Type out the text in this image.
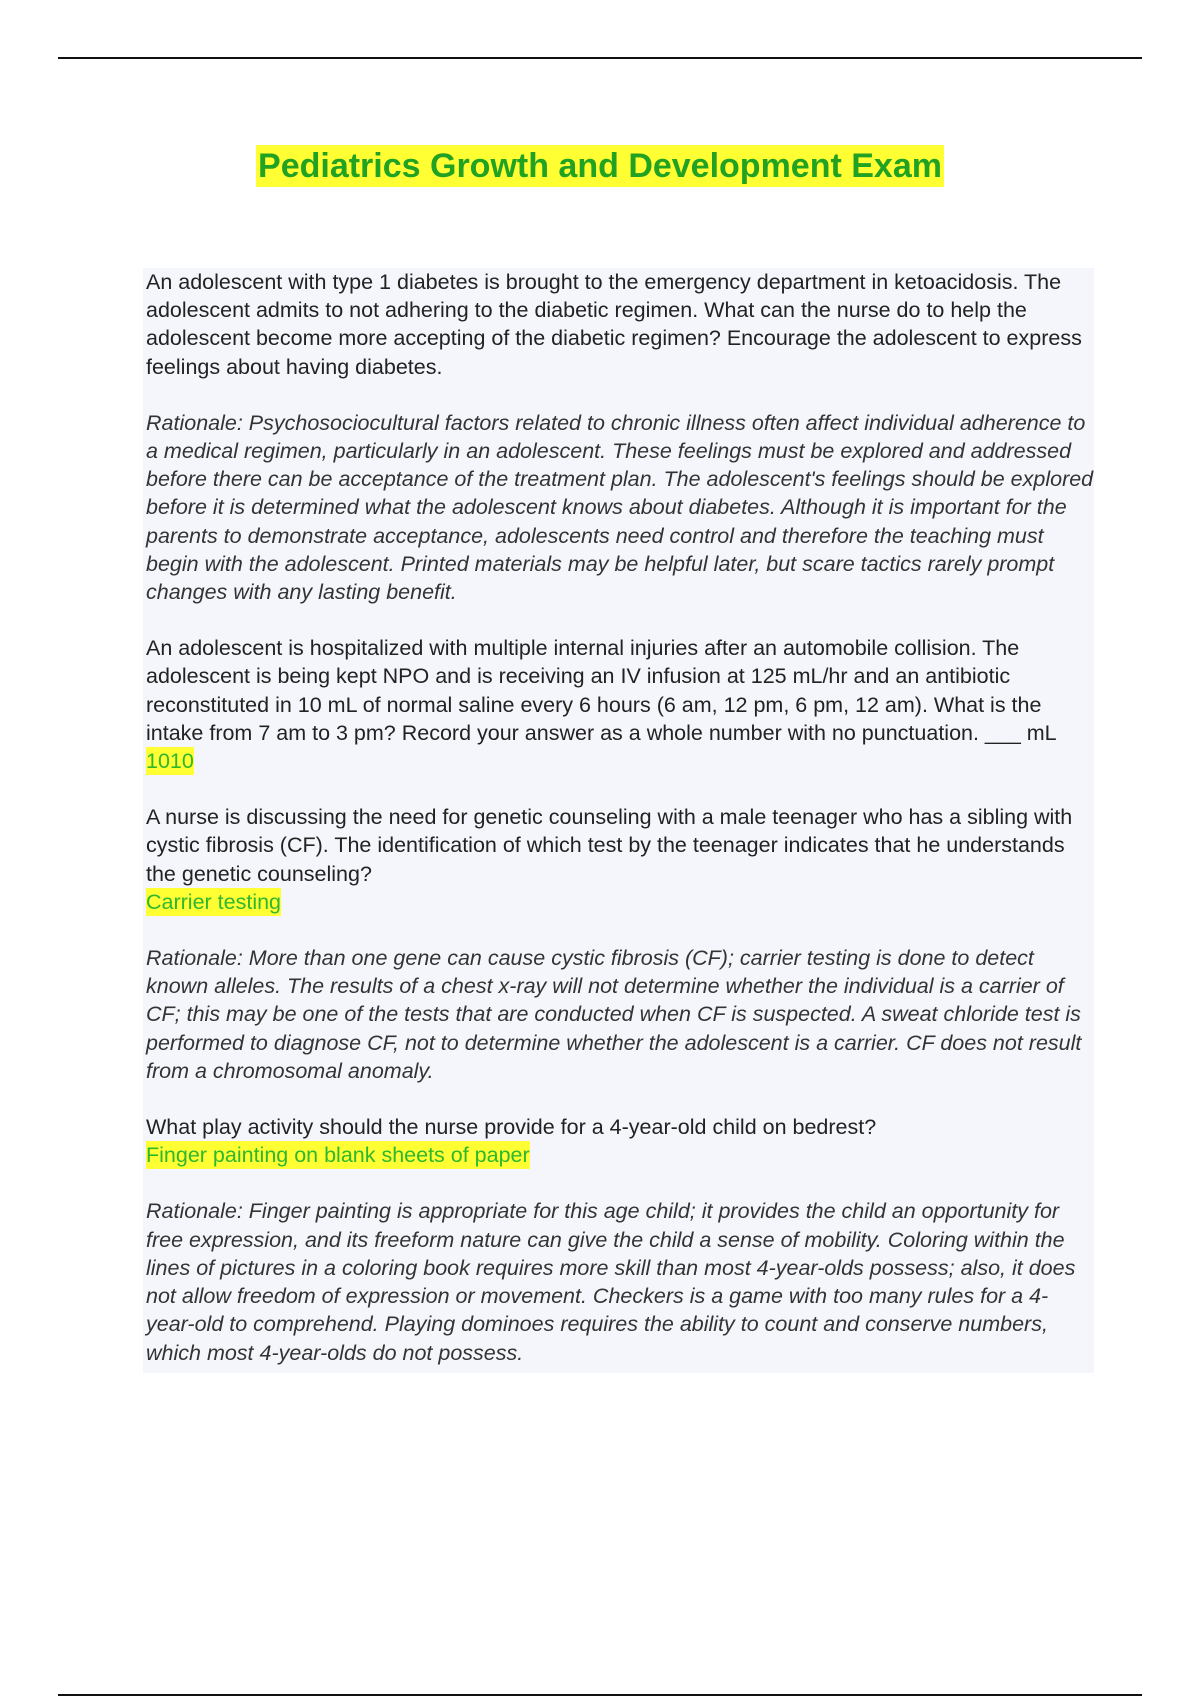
Pediatrics Growth and Development Exam

An adolescent with type 1 diabetes is brought to the emergency department in ketoacidosis. The adolescent admits to not adhering to the diabetic regimen. What can the nurse do to help the adolescent become more accepting of the diabetic regimen? Encourage the adolescent to express feelings about having diabetes.

Rationale: Psychosociocultural factors related to chronic illness often affect individual adherence to a medical regimen, particularly in an adolescent. These feelings must be explored and addressed before there can be acceptance of the treatment plan. The adolescent's feelings should be explored before it is determined what the adolescent knows about diabetes. Although it is important for the parents to demonstrate acceptance, adolescents need control and therefore the teaching must begin with the adolescent. Printed materials may be helpful later, but scare tactics rarely prompt changes with any lasting benefit.

An adolescent is hospitalized with multiple internal injuries after an automobile collision. The adolescent is being kept NPO and is receiving an IV infusion at 125 mL/hr and an antibiotic reconstituted in 10 mL of normal saline every 6 hours (6 am, 12 pm, 6 pm, 12 am). What is the intake from 7 am to 3 pm? Record your answer as a whole number with no punctuation. ___ mL

1010

A nurse is discussing the need for genetic counseling with a male teenager who has a sibling with cystic fibrosis (CF). The identification of which test by the teenager indicates that he understands the genetic counseling?

Carrier testing

Rationale: More than one gene can cause cystic fibrosis (CF); carrier testing is done to detect known alleles. The results of a chest x-ray will not determine whether the individual is a carrier of CF; this may be one of the tests that are conducted when CF is suspected. A sweat chloride test is performed to diagnose CF, not to determine whether the adolescent is a carrier. CF does not result from a chromosomal anomaly.

What play activity should the nurse provide for a 4-year-old child on bedrest?

Finger painting on blank sheets of paper

Rationale: Finger painting is appropriate for this age child; it provides the child an opportunity for free expression, and its freeform nature can give the child a sense of mobility. Coloring within the lines of pictures in a coloring book requires more skill than most 4-year-olds possess; also, it does not allow freedom of expression or movement. Checkers is a game with too many rules for a 4-year-old to comprehend. Playing dominoes requires the ability to count and conserve numbers, which most 4-year-olds do not possess.
